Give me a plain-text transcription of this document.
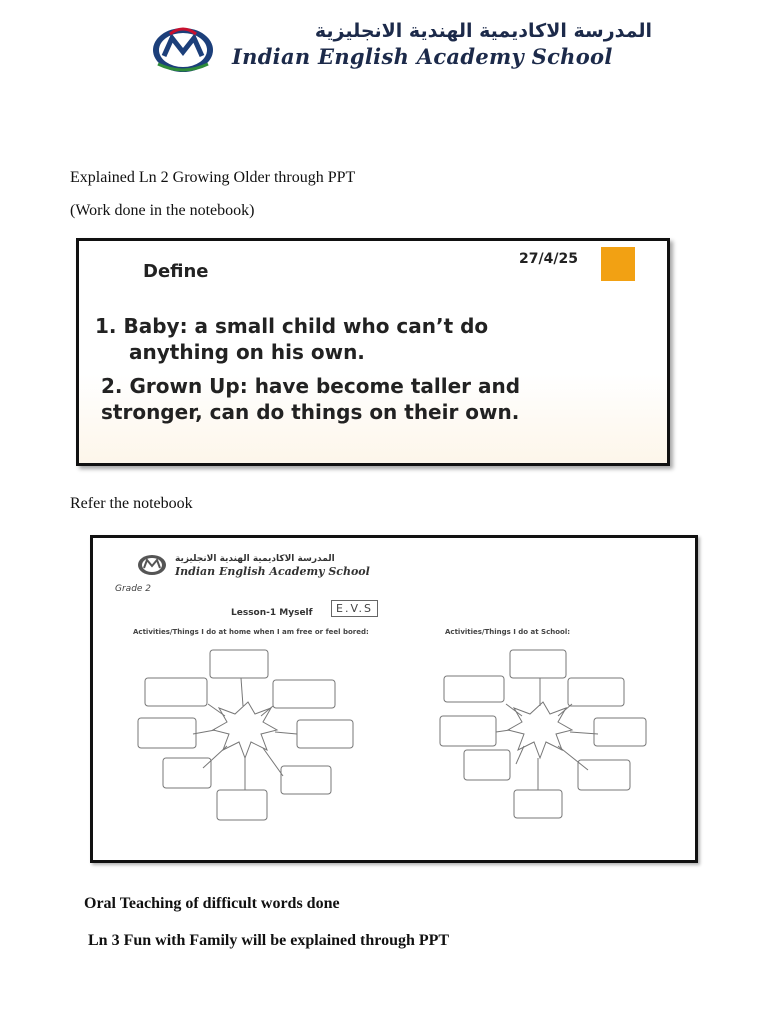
المدرسة الاكاديمية الهندية الانجليزية
Indian English Academy School
Explained Ln 2 Growing Older through PPT
(Work done in the notebook)
Define
27/4/25
1. Baby: a small child who can’t do
anything on his own.
2. Grown Up: have become taller and
stronger, can do things on their own.
Refer the notebook
المدرسة الاكاديمية الهندية الانجليزية
Indian English Academy School
Grade 2
Lesson-1 Myself	E.V.S
Activities/Things I do at home when I am free or feel bored:	Activities/Things I do at School:
Oral Teaching of difficult words done
Ln 3 Fun with Family will be explained through PPT
